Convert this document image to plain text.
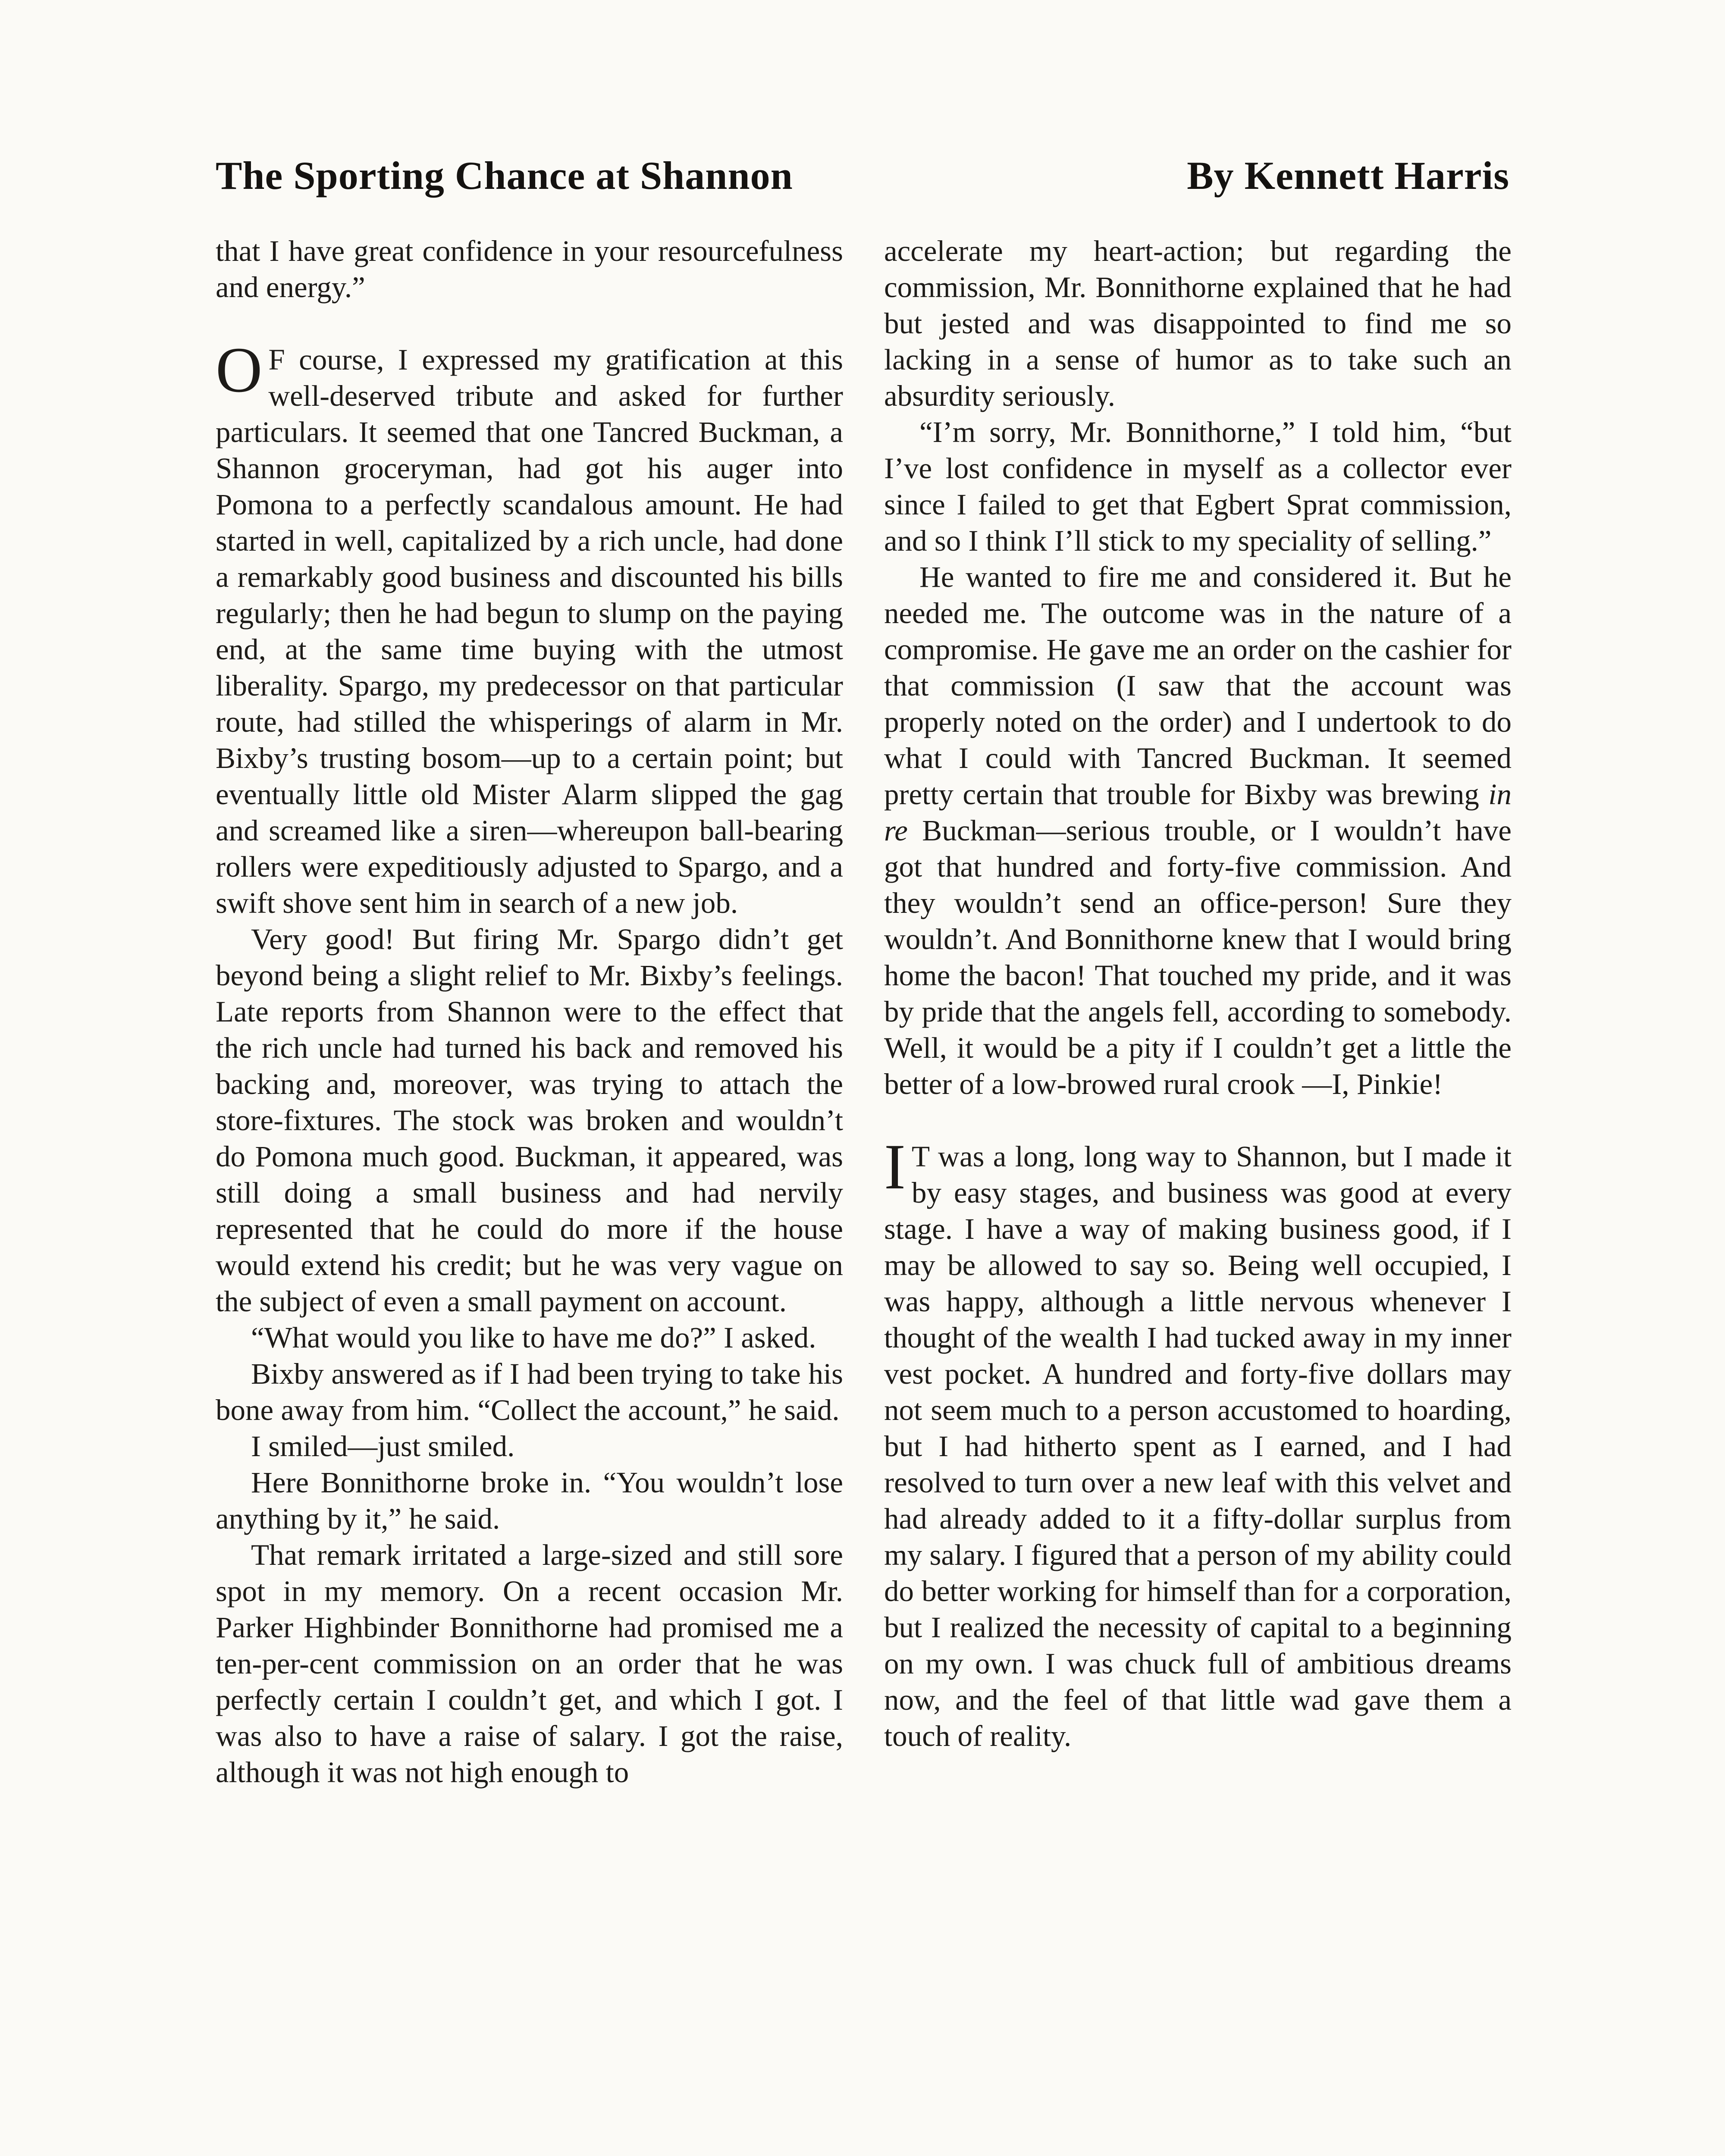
The Sporting Chance at Shannon	By Kennett Harris

that I have great confidence in your resourcefulness and energy.”

O F course, I expressed my gratification at this well-deserved tribute and asked for further particulars. It seemed that one Tancred Buckman, a Shannon groceryman, had got his auger into Pomona to a perfectly scandalous amount. He had started in well, capitalized by a rich uncle, had done a remarkably good business and discounted his bills regularly; then he had begun to slump on the paying end, at the same time buying with the utmost liberality. Spargo, my predecessor on that particular route, had stilled the whisperings of alarm in Mr. Bixby’s trusting bosom—up to a certain point; but eventually little old Mister Alarm slipped the gag and screamed like a siren—whereupon ball-bearing rollers were expeditiously adjusted to Spargo, and a swift shove sent him in search of a new job.

Very good! But firing Mr. Spargo didn’t get beyond being a slight relief to Mr. Bixby’s feelings. Late reports from Shannon were to the effect that the rich uncle had turned his back and removed his backing and, moreover, was trying to attach the store-fixtures. The stock was broken and wouldn’t do Pomona much good. Buckman, it appeared, was still doing a small business and had nervily represented that he could do more if the house would extend his credit; but he was very vague on the subject of even a small payment on account.

“What would you like to have me do?” I asked.

Bixby answered as if I had been trying to take his bone away from him. “Collect the account,” he said.

I smiled—just smiled.

Here Bonnithorne broke in. “You wouldn’t lose anything by it,” he said.

That remark irritated a large-sized and still sore spot in my memory. On a recent occasion Mr. Parker Highbinder Bonnithorne had promised me a ten-per-cent commission on an order that he was perfectly certain I couldn’t get, and which I got. I was also to have a raise of salary. I got the raise, although it was not high enough to

accelerate my heart-action; but regarding the commission, Mr. Bonnithorne explained that he had but jested and was disappointed to find me so lacking in a sense of humor as to take such an absurdity seriously.

“I’m sorry, Mr. Bonnithorne,” I told him, “but I’ve lost confidence in myself as a collector ever since I failed to get that Egbert Sprat commission, and so I think I’ll stick to my speciality of selling.”

He wanted to fire me and considered it. But he needed me. The outcome was in the nature of a compromise. He gave me an order on the cashier for that commission (I saw that the account was properly noted on the order) and I undertook to do what I could with Tancred Buckman. It seemed pretty certain that trouble for Bixby was brewing in re Buckman—serious trouble, or I wouldn’t have got that hundred and forty-five commission. And they wouldn’t send an office-person! Sure they wouldn’t. And Bonnithorne knew that I would bring home the bacon! That touched my pride, and it was by pride that the angels fell, according to somebody. Well, it would be a pity if I couldn’t get a little the better of a low-browed rural crook —I, Pinkie!

I T was a long, long way to Shannon, but I made it by easy stages, and business was good at every stage. I have a way of making business good, if I may be allowed to say so. Being well occupied, I was happy, although a little nervous whenever I thought of the wealth I had tucked away in my inner vest pocket. A hundred and forty-five dollars may not seem much to a person accustomed to hoarding, but I had hitherto spent as I earned, and I had resolved to turn over a new leaf with this velvet and had already added to it a fifty-dollar surplus from my salary. I figured that a person of my ability could do better working for himself than for a corporation, but I realized the necessity of capital to a beginning on my own. I was chuck full of ambitious dreams now, and the feel of that little wad gave them a touch of reality.
